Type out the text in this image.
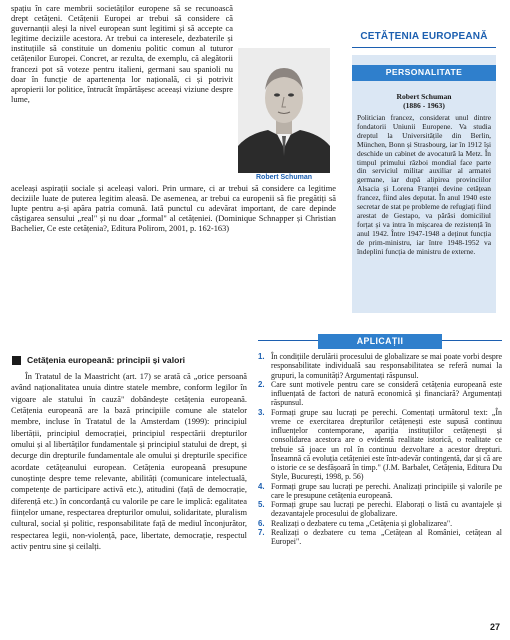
spațiu în care membrii societăților europene să se recunoască drept cetățeni. Cetățenii Europei ar trebui să considere că guvernanții aleși la nivel european sunt legitimi și să accepte ca legitime deciziile acestora. Ar trebui ca interesele, dezbaterile și instituțiile să constituie un domeniu politic comun al tuturor cetățenilor Europei. Concret, ar rezulta, de exemplu, că alegătorii francezi pot să voteze pentru italieni, germani sau spanioli nu doar în funcție de apartenența lor națională, ci și potrivit apropierii lor politice, întrucât împărtășesc aceeași viziune despre lume,
Robert Schuman
aceleași aspirații sociale și aceleași valori. Prin urmare, ci ar trebui să considere ca legitime deciziile luate de puterea legitim aleasă. De asemenea, ar trebui ca europenii să fie pregătiți să lupte pentru a-și apăra patria comună. Iată punctul cu adevărat important, de care depinde câștigarea sensului „real" și nu doar „formal" al cetățeniei. (Dominique Schnapper și Christian Bachelier, Ce este cetățenia?, Editura Polirom, 2001, p. 162-163)
CETĂȚENIA EUROPEANĂ
PERSONALITATE
Robert Schuman
(1886 - 1963)
Politician francez, considerat unul dintre fondatorii Uniunii Europene. Va studia dreptul la Universitățile din Berlin, München, Bonn și Strasbourg, iar în 1912 își deschide un cabinet de avocatură la Metz. În timpul primului război mondial face parte din serviciul militar auxiliar al armatei germane, iar după alipirea provinciilor Alsacia și Lorena Franței devine cetățean francez, fiind ales deputat. În anul 1940 este secretar de stat pe probleme de refugiați fiind arestat de Gestapo, va părăsi domiciliul forțat și va intra în mișcarea de rezistență în anul 1942. Între 1947-1948 a deținut funcția de prim-ministru, iar între 1948-1952 va îndeplini funcția de ministru de externe.
Cetățenia europeană: principii și valori
În Tratatul de la Maastricht (art. 17) se arată că „orice persoană având naționalitatea unuia dintre statele membre, conform legilor în vigoare ale statului în cauză" dobândește cetățenia europeană. Cetățenia europeană are la bază principiile comune ale statelor membre, incluse în Tratatul de la Amsterdam (1999): principiul libertății, principiul democrației, principiul respectării drepturilor omului și al libertăților fundamentale și principiul statului de drept, și decurge din drepturile fundamentale ale omului și drepturile specifice acordate cetățeanului european. Cetățenia europeană presupune cunoștințe despre teme relevante, abilități (comunicare intelectuală, competențe de participare activă etc.), atitudini (față de democrație, diferență etc.) în concordanță cu valorile pe care le implică: egalitatea ființelor umane, respectarea drepturilor omului, solidaritate, pluralism cultural, social și politic, responsabilitate față de mediul înconjurător, respectarea legii, non-violență, pace, libertate, democrație, respectul activ pentru sine și ceilalți.
APLICAȚII
1. În condițiile derulării procesului de globalizare se mai poate vorbi despre responsabilitate individuală sau responsabilitatea se referă numai la grupuri, la comunități? Argumentați răspunsul.
2. Care sunt motivele pentru care se consideră cetățenia europeană este influențată de factori de natură economică și financiară? Argumentați răspunsul.
3. Formați grupe sau lucrați pe perechi. Comentați următorul text: „În vreme ce exercitarea drepturilor cetățenești este supusă continuu influențelor contemporane, apariția instituțiilor cetățenești și consolidarea acestora are o evidentă realitate istorică, o realitate ce trebuie să joace un rol în continuu dezvoltare a acestor drepturi. Înseamnă că evoluția cetățeniei este într-adevăr contingentă, dar și că are o istorie ce se desfășoară în timp." (J.M. Barbalet, Cetățenia, Editura Du Style, București, 1998, p. 56)
4. Formați grupe sau lucrați pe perechi. Analizați principiile și valorile pe care le presupune cetățenia europeană.
5. Formați grupe sau lucrați pe perechi. Elaborați o listă cu avantajele și dezavantajele procesului de globalizare.
6. Realizați o dezbatere cu tema „Cetățenia și globalizarea".
7. Realizați o dezbatere cu tema „Cetățean al României, cetățean al Europei".
27
